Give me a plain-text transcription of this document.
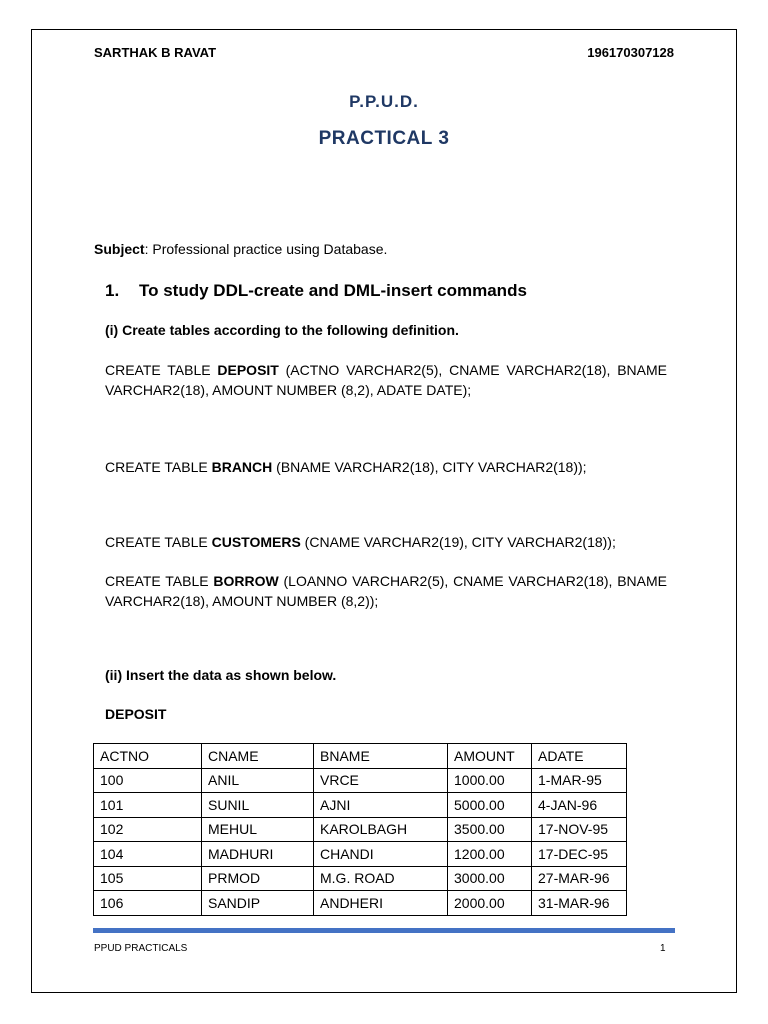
SARTHAK B RAVAT	196170307128
P.P.U.D.
PRACTICAL 3
Subject: Professional practice using Database.
1. To study DDL-create and DML-insert commands
(i) Create tables according to the following definition.
CREATE TABLE DEPOSIT (ACTNO VARCHAR2(5), CNAME VARCHAR2(18), BNAME VARCHAR2(18), AMOUNT NUMBER (8,2), ADATE DATE);
CREATE TABLE BRANCH (BNAME VARCHAR2(18), CITY VARCHAR2(18));
CREATE TABLE CUSTOMERS (CNAME VARCHAR2(19), CITY VARCHAR2(18));
CREATE TABLE BORROW (LOANNO VARCHAR2(5), CNAME VARCHAR2(18), BNAME VARCHAR2(18), AMOUNT NUMBER (8,2));
(ii) Insert the data as shown below.
DEPOSIT
ACTNO	CNAME	BNAME	AMOUNT	ADATE
100	ANIL	VRCE	1000.00	1-MAR-95
101	SUNIL	AJNI	5000.00	4-JAN-96
102	MEHUL	KAROLBAGH	3500.00	17-NOV-95
104	MADHURI	CHANDI	1200.00	17-DEC-95
105	PRMOD	M.G. ROAD	3000.00	27-MAR-96
106	SANDIP	ANDHERI	2000.00	31-MAR-96
PPUD PRACTICALS	1
